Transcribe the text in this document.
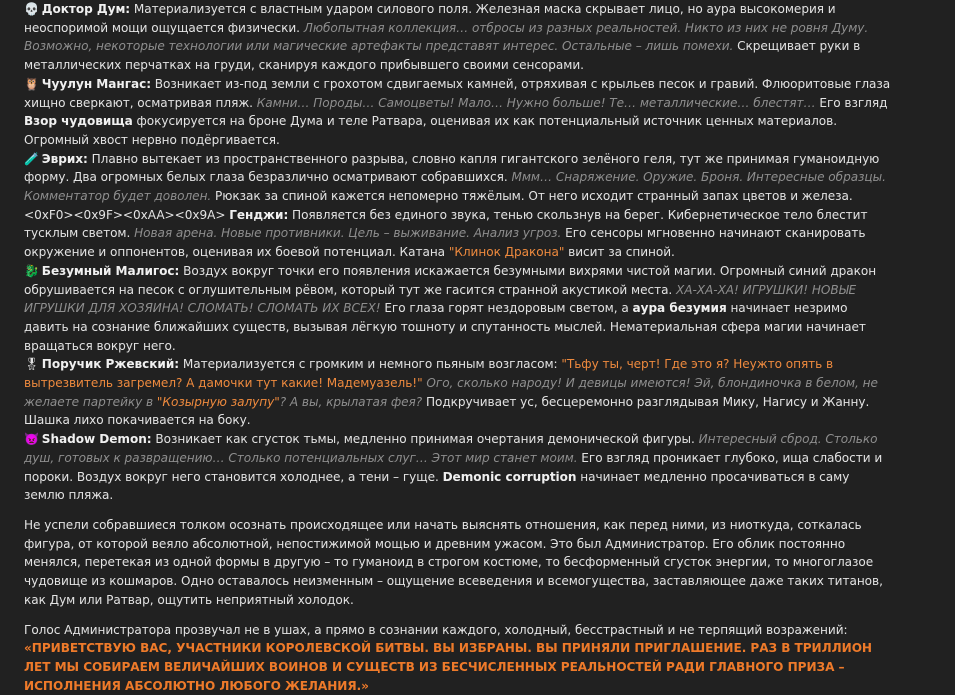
💀 Доктор Дум: Материализуется с властным ударом силового поля. Железная маска скрывает лицо, но аура высокомерия и неоспоримой мощи ощущается физически. Любопытная коллекция… отбросы из разных реальностей. Никто из них не ровня Думу. Возможно, некоторые технологии или магические артефакты представят интерес. Остальные – лишь помехи. Скрещивает руки в металлических перчатках на груди, сканируя каждого прибывшего своими сенсорами.

🦉 Чуулун Мангас: Возникает из-под земли с грохотом сдвигаемых камней, отряхивая с крыльев песок и гравий. Флюоритовые глаза хищно сверкают, осматривая пляж. Камни… Породы… Самоцветы! Мало… Нужно больше! Те… металлические… блестят… Его взгляд Взор чудовища фокусируется на броне Дума и теле Ратвара, оценивая их как потенциальный источник ценных материалов. Огромный хвост нервно подёргивается.

🧪 Эврих: Плавно вытекает из пространственного разрыва, словно капля гигантского зелёного геля, тут же принимая гуманоидную форму. Два огромных белых глаза безразлично осматривают собравшихся. Ммм… Снаряжение. Оружие. Броня. Интересные образцы. Комментатор будет доволен. Рюкзак за спиной кажется непомерно тяжёлым. От него исходит странный запах цветов и железа.

<0xF0><0x9F><0xAA><0x9A> Генджи: Появляется без единого звука, тенью скользнув на берег. Кибернетическое тело блестит тусклым светом. Новая арена. Новые противники. Цель – выживание. Анализ угроз. Его сенсоры мгновенно начинают сканировать окружение и оппонентов, оценивая их боевой потенциал. Катана "Клинок Дракона" висит за спиной.

🐉 Безумный Малигос: Воздух вокруг точки его появления искажается безумными вихрями чистой магии. Огромный синий дракон обрушивается на песок с оглушительным рёвом, который тут же гасится странной акустикой места. ХА-ХА-ХА! ИГРУШКИ! НОВЫЕ ИГРУШКИ ДЛЯ ХОЗЯИНА! СЛОМАТЬ! СЛОМАТЬ ИХ ВСЕХ! Его глаза горят нездоровым светом, а аура безумия начинает незримо давить на сознание ближайших существ, вызывая лёгкую тошноту и спутанность мыслей. Нематериальная сфера магии начинает вращаться вокруг него.

🎖 Поручик Ржевский: Материализуется с громким и немного пьяным возгласом: "Тьфу ты, черт! Где это я? Неужто опять в вытрезвитель загремел? А дамочки тут какие! Мадемуазель!" Ого, сколько народу! И девицы имеются! Эй, блондиночка в белом, не желаете партейку в "Козырную залупу"? А вы, крылатая фея? Подкручивает ус, бесцеремонно разглядывая Мику, Нагису и Жанну. Шашка лихо покачивается на боку.

👿 Shadow Demon: Возникает как сгусток тьмы, медленно принимая очертания демонической фигуры. Интересный сброд. Столько душ, готовых к развращению… Столько потенциальных слуг… Этот мир станет моим. Его взгляд проникает глубоко, ища слабости и пороки. Воздух вокруг него становится холоднее, а тени – гуще. Demonic corruption начинает медленно просачиваться в саму землю пляжа.

Не успели собравшиеся толком осознать происходящее или начать выяснять отношения, как перед ними, из ниоткуда, соткалась фигура, от которой веяло абсолютной, непостижимой мощью и древним ужасом. Это был Администратор. Его облик постоянно менялся, перетекая из одной формы в другую – то гуманоид в строгом костюме, то бесформенный сгусток энергии, то многоглазое чудовище из кошмаров. Одно оставалось неизменным – ощущение всеведения и всемогущества, заставляющее даже таких титанов, как Дум или Ратвар, ощутить неприятный холодок.

Голос Администратора прозвучал не в ушах, а прямо в сознании каждого, холодный, бесстрастный и не терпящий возражений:
«ПРИВЕТСТВУЮ ВАС, УЧАСТНИКИ КОРОЛЕВСКОЙ БИТВЫ. ВЫ ИЗБРАНЫ. ВЫ ПРИНЯЛИ ПРИГЛАШЕНИЕ. РАЗ В ТРИЛЛИОН ЛЕТ МЫ СОБИРАЕМ ВЕЛИЧАЙШИХ ВОИНОВ И СУЩЕСТВ ИЗ БЕСЧИСЛЕННЫХ РЕАЛЬНОСТЕЙ РАДИ ГЛАВНОГО ПРИЗА – ИСПОЛНЕНИЯ АБСОЛЮТНО ЛЮБОГО ЖЕЛАНИЯ.»
